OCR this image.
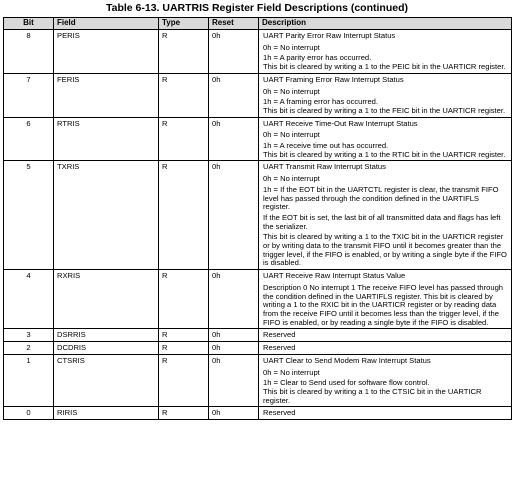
Table 6-13. UARTRIS Register Field Descriptions (continued)
Bit	Field	Type	Reset	Description
8	PERIS	R	0h	UART Parity Error Raw Interrupt Status
0h = No interrupt
1h = A parity error has occurred.
This bit is cleared by writing a 1 to the PEIC bit in the UARTICR register.

7	FERIS	R	0h	UART Framing Error Raw Interrupt Status
0h = No interrupt
1h = A framing error has occurred.
This bit is cleared by writing a 1 to the FEIC bit in the UARTICR register.

6	RTRIS	R	0h	UART Receive Time-Out Raw Interrupt Status
0h = No interrupt
1h = A receive time out has occurred.
This bit is cleared by writing a 1 to the RTIC bit in the UARTICR register.

5	TXRIS	R	0h	UART Transmit Raw Interrupt Status
0h = No interrupt
1h = If the EOT bit in the UARTCTL register is clear, the transmit FIFO level has passed through the condition defined in the UARTIFLS register.
If the EOT bit is set, the last bit of all transmitted data and flags has left the serializer.
This bit is cleared by writing a 1 to the TXIC bit in the UARTICR register or by writing data to the transmit FIFO until it becomes greater than the trigger level, if the FIFO is enabled, or by writing a single byte if the FIFO is disabled.

4	RXRIS	R	0h	UART Receive Raw Interrupt Status Value
Description 0 No interrupt 1 The receive FIFO level has passed through the condition defined in the UARTIFLS register. This bit is cleared by writing a 1 to the RXIC bit in the UARTICR register or by reading data from the receive FIFO until it becomes less than the trigger level, if the FIFO is enabled, or by reading a single byte if the FIFO is disabled.

3	DSRRIS	R	0h	Reserved

2	DCDRIS	R	0h	Reserved

1	CTSRIS	R	0h	UART Clear to Send Modem Raw Interrupt Status
0h = No interrupt
1h = Clear to Send used for software flow control.
This bit is cleared by writing a 1 to the CTSIC bit in the UARTICR register.

0	RIRIS	R	0h	Reserved
